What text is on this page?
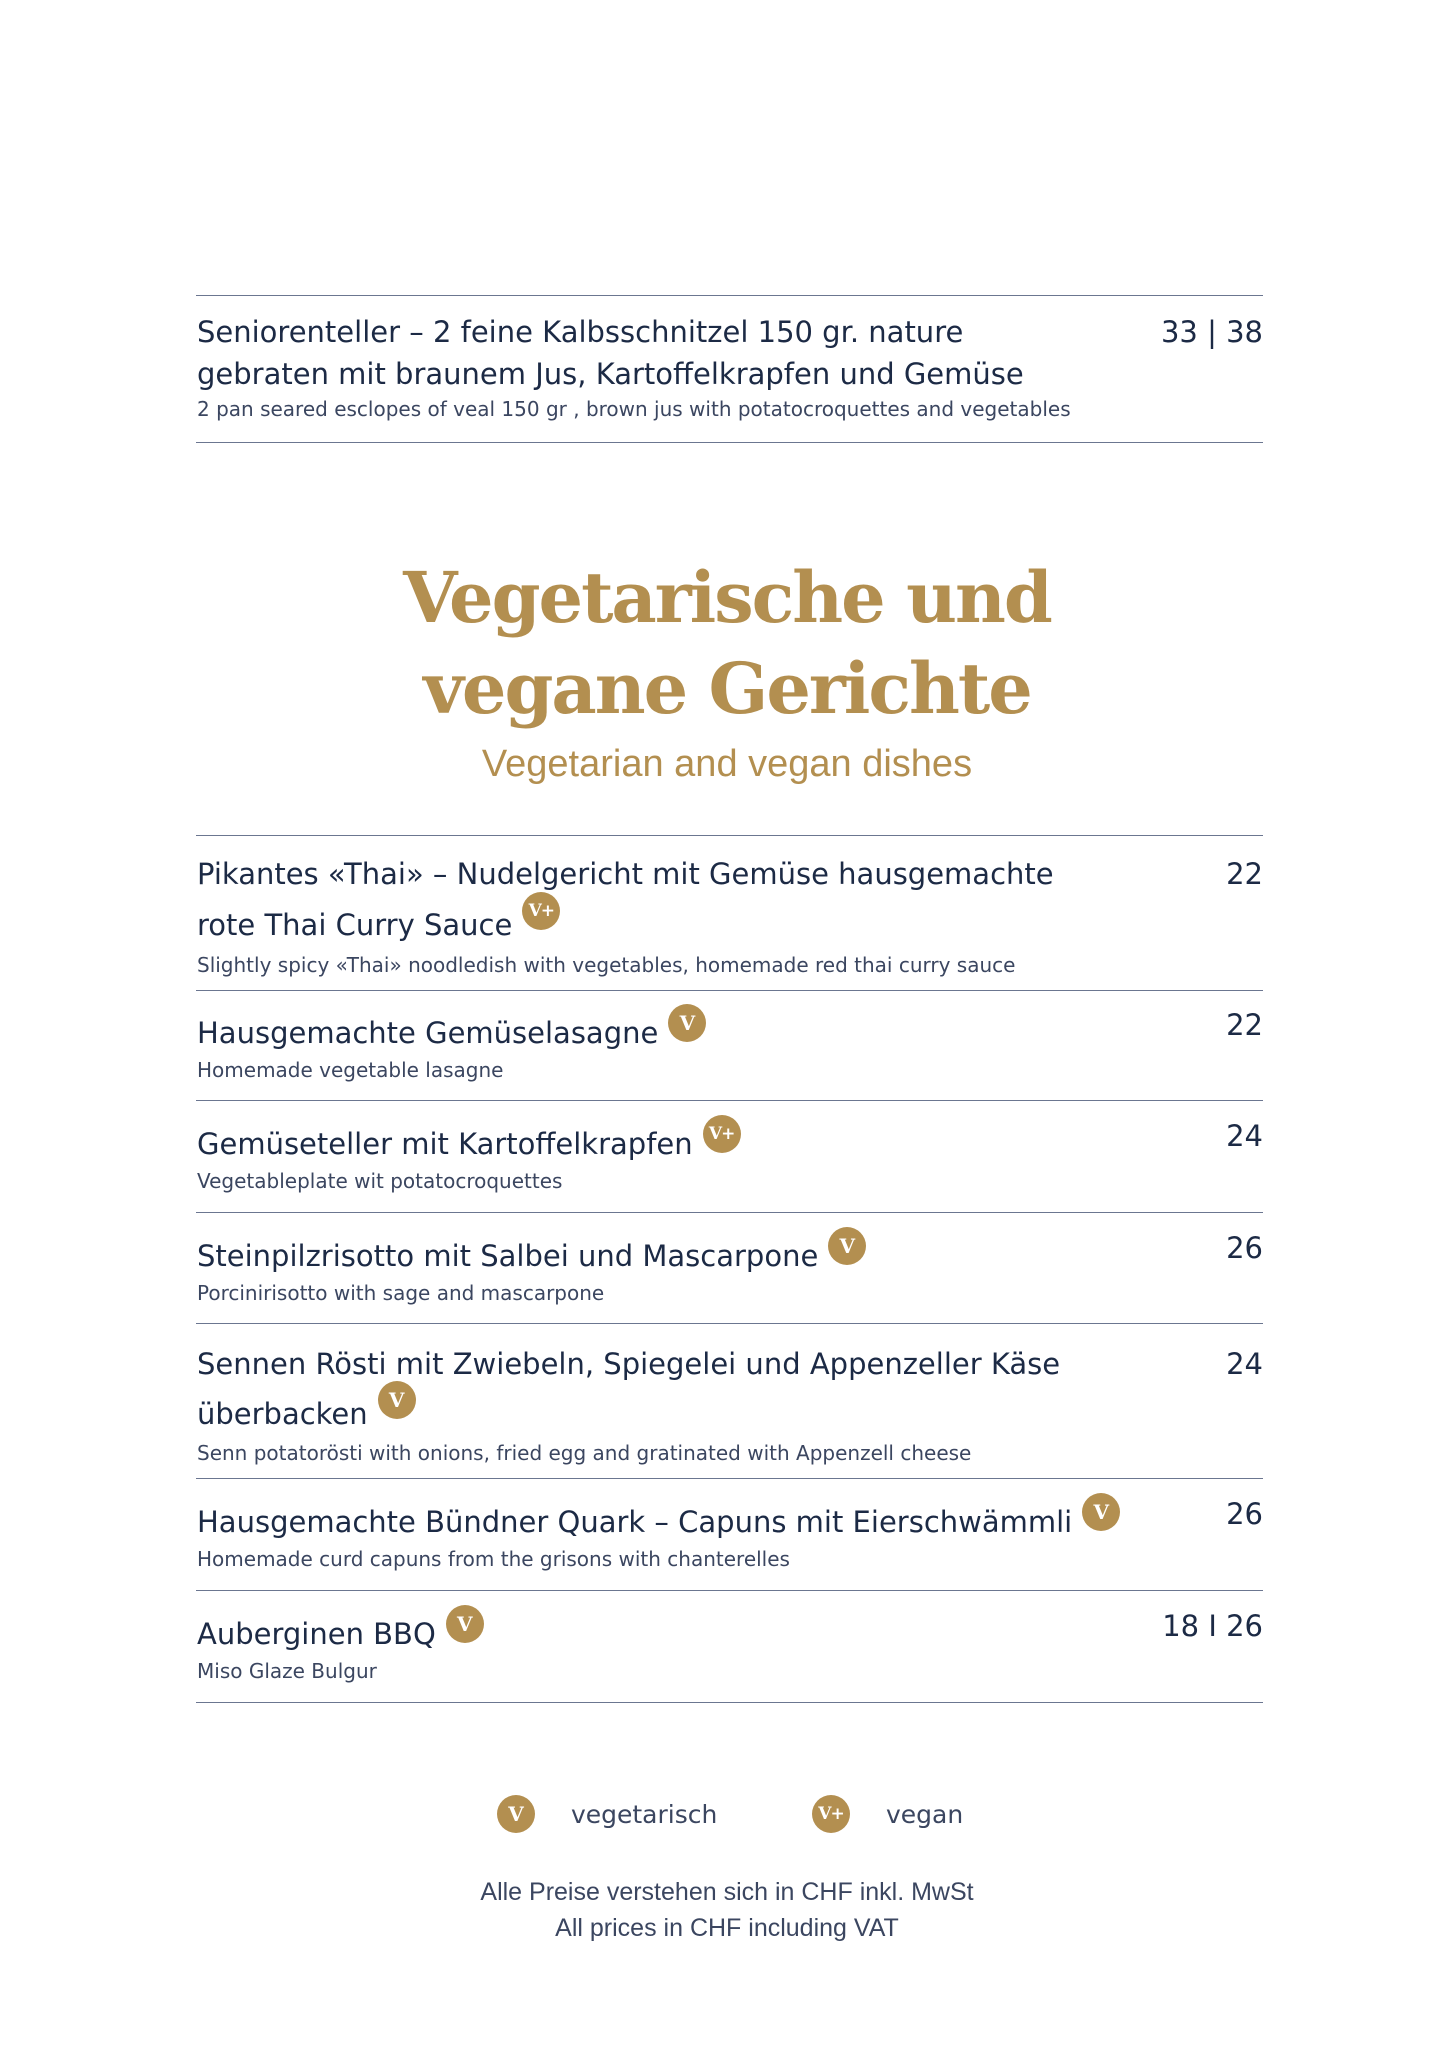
Seniorenteller – 2 feine Kalbsschnitzel 150 gr. nature gebraten mit braunem Jus, Kartoffelkrapfen und Gemüse
2 pan seared esclopes of veal 150 gr , brown jus with potatocroquettes and vegetables
33 | 38
Vegetarische und
vegane Gerichte
Vegetarian and vegan dishes
Pikantes «Thai» – Nudelgericht mit Gemüse hausgemachte rote Thai Curry Sauce V+
Slightly spicy «Thai» noodledish with vegetables, homemade red thai curry sauce
22
Hausgemachte Gemüselasagne V
Homemade vegetable lasagne
22
Gemüseteller mit Kartoffelkrapfen V+
Vegetableplate wit potatocroquettes
24
Steinpilzrisotto mit Salbei und Mascarpone V
Porcinirisotto with sage and mascarpone
26
Sennen Rösti mit Zwiebeln, Spiegelei und Appenzeller Käse überbacken V
Senn potatorösti with onions, fried egg and gratinated with Appenzell cheese
24
Hausgemachte Bündner Quark – Capuns mit Eierschwämmli V
Homemade curd capuns from the grisons with chanterelles
26
Auberginen BBQ V
Miso Glaze Bulgur
18 I 26
V vegetarisch	V+ vegan
Alle Preise verstehen sich in CHF inkl. MwSt
All prices in CHF including VAT
